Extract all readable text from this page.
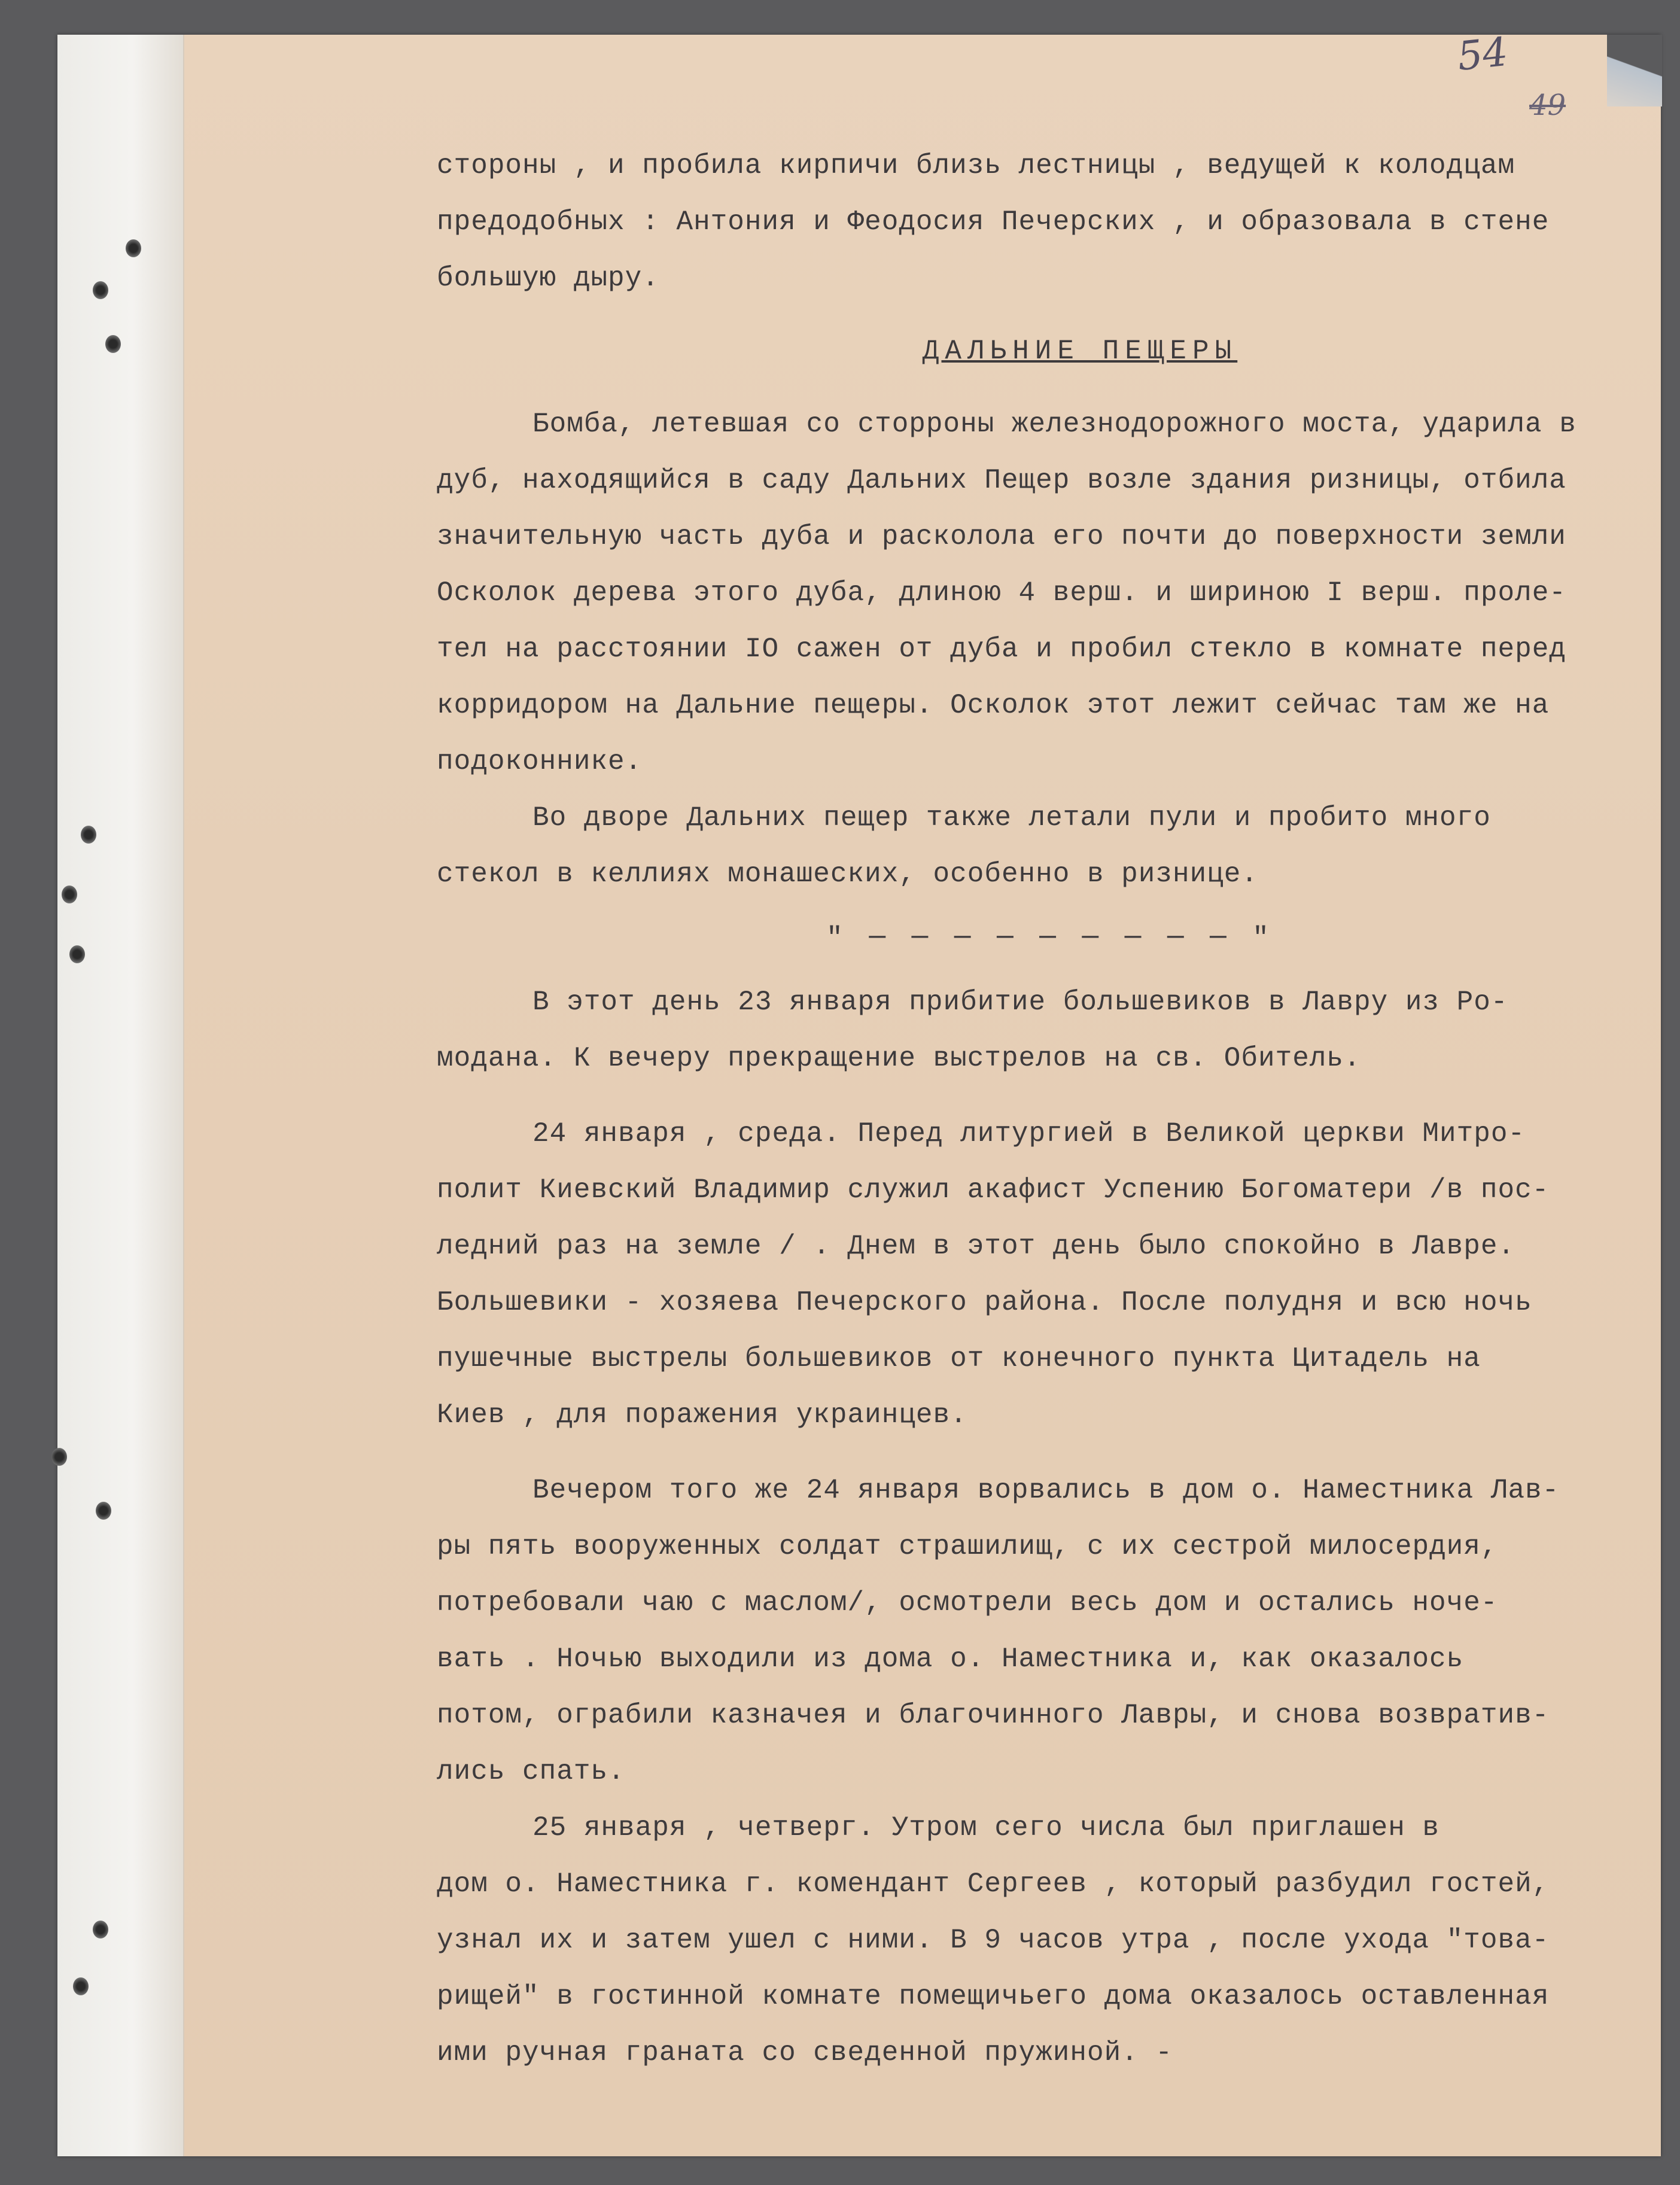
54
49
стороны , и пробила кирпичи близь лестницы , ведущей к колодцам
предодобных : Антония и Феодосия Печерских , и образовала в стене
большую дыру.
ДАЛЬНИЕ ПЕЩЕРЫ
Бомба, летевшая со сторроны железнодорожного моста, ударила в
дуб, находящийся в саду Дальних Пещер возле здания ризницы, отбила
значительную часть дуба и расколола его почти до поверхности земли
Осколок дерева этого дуба, длиною 4 верш. и шириною I верш. проле-
тел на расстоянии IO сажен от дуба и пробил стекло в комнате перед
корридором на Дальние пещеры. Осколок этот лежит сейчас там же на
подоконнике.
Во дворе Дальних пещер также летали пули и пробито много
стекол в келлиях монашеских, особенно в ризнице.
" ─ ─ ─ ─ ─ ─ ─ ─ ─ "
В этот день 23 января прибитие большевиков в Лавру из Ро-
модана. К вечеру прекращение выстрелов на св. Обитель.
24 января , среда. Перед литургией в Великой церкви Митро-
полит Киевский Владимир служил акафист Успению Богоматери /в пос-
ледний раз на земле / . Днем в этот день было спокойно в Лавре.
Большевики - хозяева Печерского района. После полудня и всю ночь
пушечные выстрелы большевиков от конечного пункта Цитадель на
Киев , для поражения украинцев.
Вечером того же 24 января ворвались в дом о. Наместника Лав-
ры пять вооруженных солдат страшилищ, с их сестрой милосердия,
потребовали чаю с маслом/, осмотрели весь дом и остались ноче-
вать . Ночью выходили из дома о. Наместника и, как оказалось
потом, ограбили казначея и благочинного Лавры, и снова возвратив-
лись спать.
25 января , четверг. Утром сего числа был приглашен в
дом о. Наместника г. комендант Сергеев , который разбудил гостей,
узнал их и затем ушел с ними. В 9 часов утра , после ухода "това-
рищей" в гостинной комнате помещичьего дома оказалось оставленная
ими ручная граната со сведенной пружиной. -
